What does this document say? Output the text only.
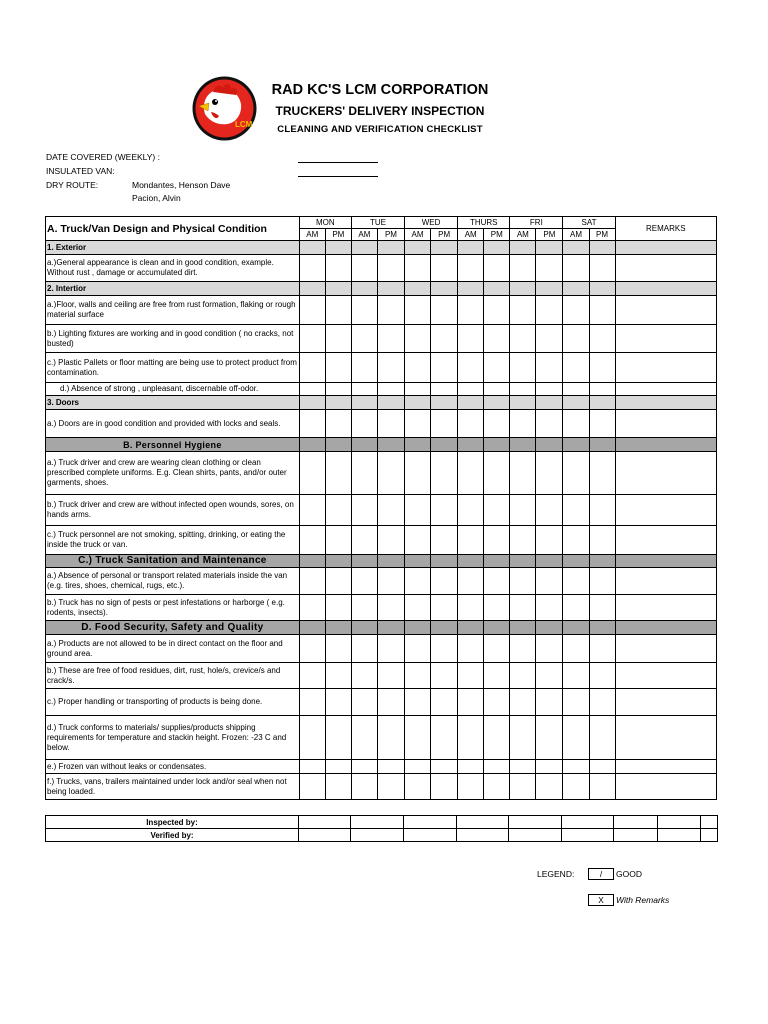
LCM
RAD KC'S LCM CORPORATION
TRUCKERS' DELIVERY INSPECTION
CLEANING AND VERIFICATION CHECKLIST
DATE COVERED (WEEKLY) :
INSULATED VAN:
DRY ROUTE:	Mondantes, Henson Dave
Pacion, Alvin
A. Truck/Van Design and Physical Condition	MON		TUE		WED		THURS		FRI		SAT		REMARKS
	AM	PM	AM	PM	AM	PM	AM	PM	AM	PM	AM	PM	
1. Exterior													
a.)General appearance is clean and in good condition, example. Without rust , damage or accumulated dirt.													
2. Intertior													
a.)Floor, walls and ceiling are free from rust formation, flaking or rough material surface													
b.) Lighting fixtures are working and in good condition ( no cracks, not busted)													
c.) Plastic Pallets or floor matting are being use to protect product from contamination.													
d.) Absence of strong , unpleasant, discernable off-odor.													
3. Doors													
a.) Doors are in good condition and provided with locks and seals.													
B. Personnel Hygiene													
a.) Truck driver and crew are wearing clean clothing or clean prescribed complete uniforms. E.g. Clean shirts, pants, and/or outer garments, shoes.													
b.) Truck driver and crew are without infected open wounds, sores, on hands arms.													
c.) Truck personnel are not smoking, spitting, drinking, or eating the inside the truck or van.													
C.) Truck Sanitation and Maintenance													
a.) Absence of personal or transport related materials inside the van (e.g. tires, shoes, chemical, rugs, etc.).													
b.) Truck has no sign of pests or pest infestations or harborge ( e.g. rodents, insects).													
D. Food Security, Safety and Quality													
a.) Products are not allowed to be in direct contact on the floor and ground area.													
b.) These are free of food residues, dirt, rust, hole/s, crevice/s and crack/s.													
c.) Proper handling or transporting of products is being done.													
d.) Truck conforms to materials/ supplies/products shipping requirements for temperature and stackin height. Frozen: -23 C and below.													
e.) Frozen van without leaks or condensates.													
f.) Trucks, vans, trailers maintained under lock and/or seal when not being loaded.													
Inspected by:									
Verified by:									
LEGEND:	/	GOOD
X	With Remarks
